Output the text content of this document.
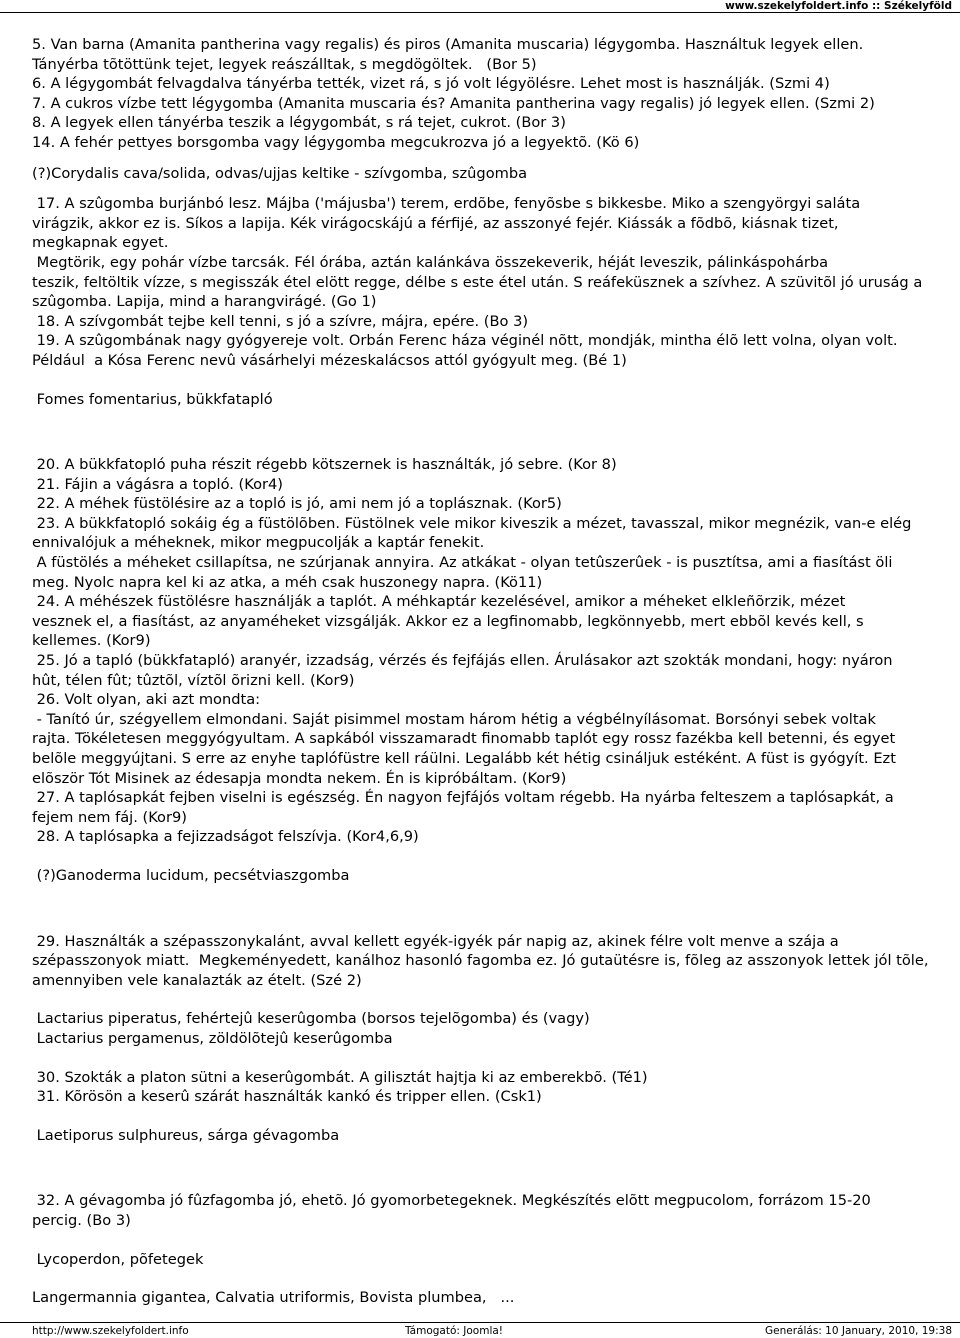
www.szekelyfoldert.info :: Székelyföld
5. Van barna (Amanita pantherina vagy regalis) és piros (Amanita muscaria) légygomba. Használtuk legyek ellen.
Tányérba tõtöttünk tejet, legyek reászálltak, s megdögöltek.   (Bor 5)
6. A légygombát felvagdalva tányérba tették, vizet rá, s jó volt légyölésre. Lehet most is használják. (Szmi 4)
7. A cukros vízbe tett légygomba (Amanita muscaria és? Amanita pantherina vagy regalis) jó legyek ellen. (Szmi 2)
8. A legyek ellen tányérba teszik a légygombát, s rá tejet, cukrot. (Bor 3)
14. A fehér pettyes borsgomba vagy légygomba megcukrozva jó a legyektõ. (Kö 6)
(?)Corydalis cava/solida, odvas/ujjas keltike - szívgomba, szûgomba
17. A szûgomba burjánbó lesz. Májba ('májusba') terem, erdõbe, fenyõsbe s bikkesbe. Miko a szengyörgyi saláta
virágzik, akkor ez is. Síkos a lapija. Kék virágocskájú a férfijé, az asszonyé fejér. Kiássák a fõdbõ, kiásnak tizet,
megkapnak egyet.
Megtörik, egy pohár vízbe tarcsák. Fél órába, aztán kalánkáva összekeverik, héját leveszik, pálinkáspohárba
teszik, feltöltik vízze, s megisszák étel elött regge, délbe s este étel után. S reáfeküsznek a szívhez. A szüvitõl jó uruság a
szûgomba. Lapija, mind a harangvirágé. (Go 1)
18. A szívgombát tejbe kell tenni, s jó a szívre, májra, epére. (Bo 3)
19. A szûgombának nagy gyógyereje volt. Orbán Ferenc háza véginél nõtt, mondják, mintha élõ lett volna, olyan volt.
Például  a Kósa Ferenc nevû vásárhelyi mézeskalácsos attól gyógyult meg. (Bé 1)
Fomes fomentarius, bükkfatapló
20. A bükkfatopló puha részit régebb kötszernek is használták, jó sebre. (Kor 8)
21. Fájin a vágásra a topló. (Kor4)
22. A méhek füstölésire az a topló is jó, ami nem jó a toplásznak. (Kor5)
23. A bükkfatopló sokáig ég a füstölõben. Füstölnek vele mikor kiveszik a mézet, tavasszal, mikor megnézik, van-e elég
ennivalójuk a méheknek, mikor megpucolják a kaptár fenekit.
A füstölés a méheket csillapítsa, ne szúrjanak annyira. Az atkákat - olyan tetûszerûek - is pusztítsa, ami a fiasítást öli
meg. Nyolc napra kel ki az atka, a méh csak huszonegy napra. (Kö11)
24. A méhészek füstölésre használják a taplót. A méhkaptár kezelésével, amikor a méheket elkleñõrzik, mézet
vesznek el, a fiasítást, az anyaméheket vizsgálják. Akkor ez a legfinomabb, legkönnyebb, mert ebbõl kevés kell, s
kellemes. (Kor9)
25. Jó a tapló (bükkfatapló) aranyér, izzadság, vérzés és fejfájás ellen. Árulásakor azt szokták mondani, hogy: nyáron
hût, télen fût; tûztõl, víztõl õrizni kell. (Kor9)
26. Volt olyan, aki azt mondta:
- Tanító úr, szégyellem elmondani. Saját pisimmel mostam három hétig a végbélnyílásomat. Borsónyi sebek voltak
rajta. Tökéletesen meggyógyultam. A sapkából visszamaradt finomabb taplót egy rossz fazékba kell betenni, és egyet
belõle meggyújtani. S erre az enyhe taplófüstre kell ráülni. Legalább két hétig csináljuk estéként. A füst is gyógyít. Ezt
elõször Tót Misinek az édesapja mondta nekem. Én is kipróbáltam. (Kor9)
27. A taplósapkát fejben viselni is egészség. Én nagyon fejfájós voltam régebb. Ha nyárba felteszem a taplósapkát, a
fejem nem fáj. (Kor9)
28. A taplósapka a fejizzadságot felszívja. (Kor4,6,9)
(?)Ganoderma lucidum, pecsétviaszgomba
29. Használták a szépasszonykalánt, avval kellett egyék-igyék pár napig az, akinek félre volt menve a szája a
szépasszonyok miatt.  Megkeményedett, kanálhoz hasonló fagomba ez. Jó gutaütésre is, fõleg az asszonyok lettek jól tõle,
amennyiben vele kanalazták az ételt. (Szé 2)
Lactarius piperatus, fehértejû keserûgomba (borsos tejelõgomba) és (vagy)
Lactarius pergamenus, zöldölõtejû keserûgomba
30. Szokták a platon sütni a keserûgombát. A gilisztát hajtja ki az emberekbõ. (Té1)
31. Kõrösön a keserû szárát használták kankó és tripper ellen. (Csk1)
Laetiporus sulphureus, sárga gévagomba
32. A gévagomba jó fûzfagomba jó, ehetõ. Jó gyomorbetegeknek. Megkészítés elõtt megpucolom, forrázom 15-20
percig. (Bo 3)
Lycoperdon, põfetegek
Langermannia gigantea, Calvatia utriformis, Bovista plumbea,   ...
http://www.szekelyfoldert.info	Támogató: Joomla!	Generálás: 10 January, 2010, 19:38
